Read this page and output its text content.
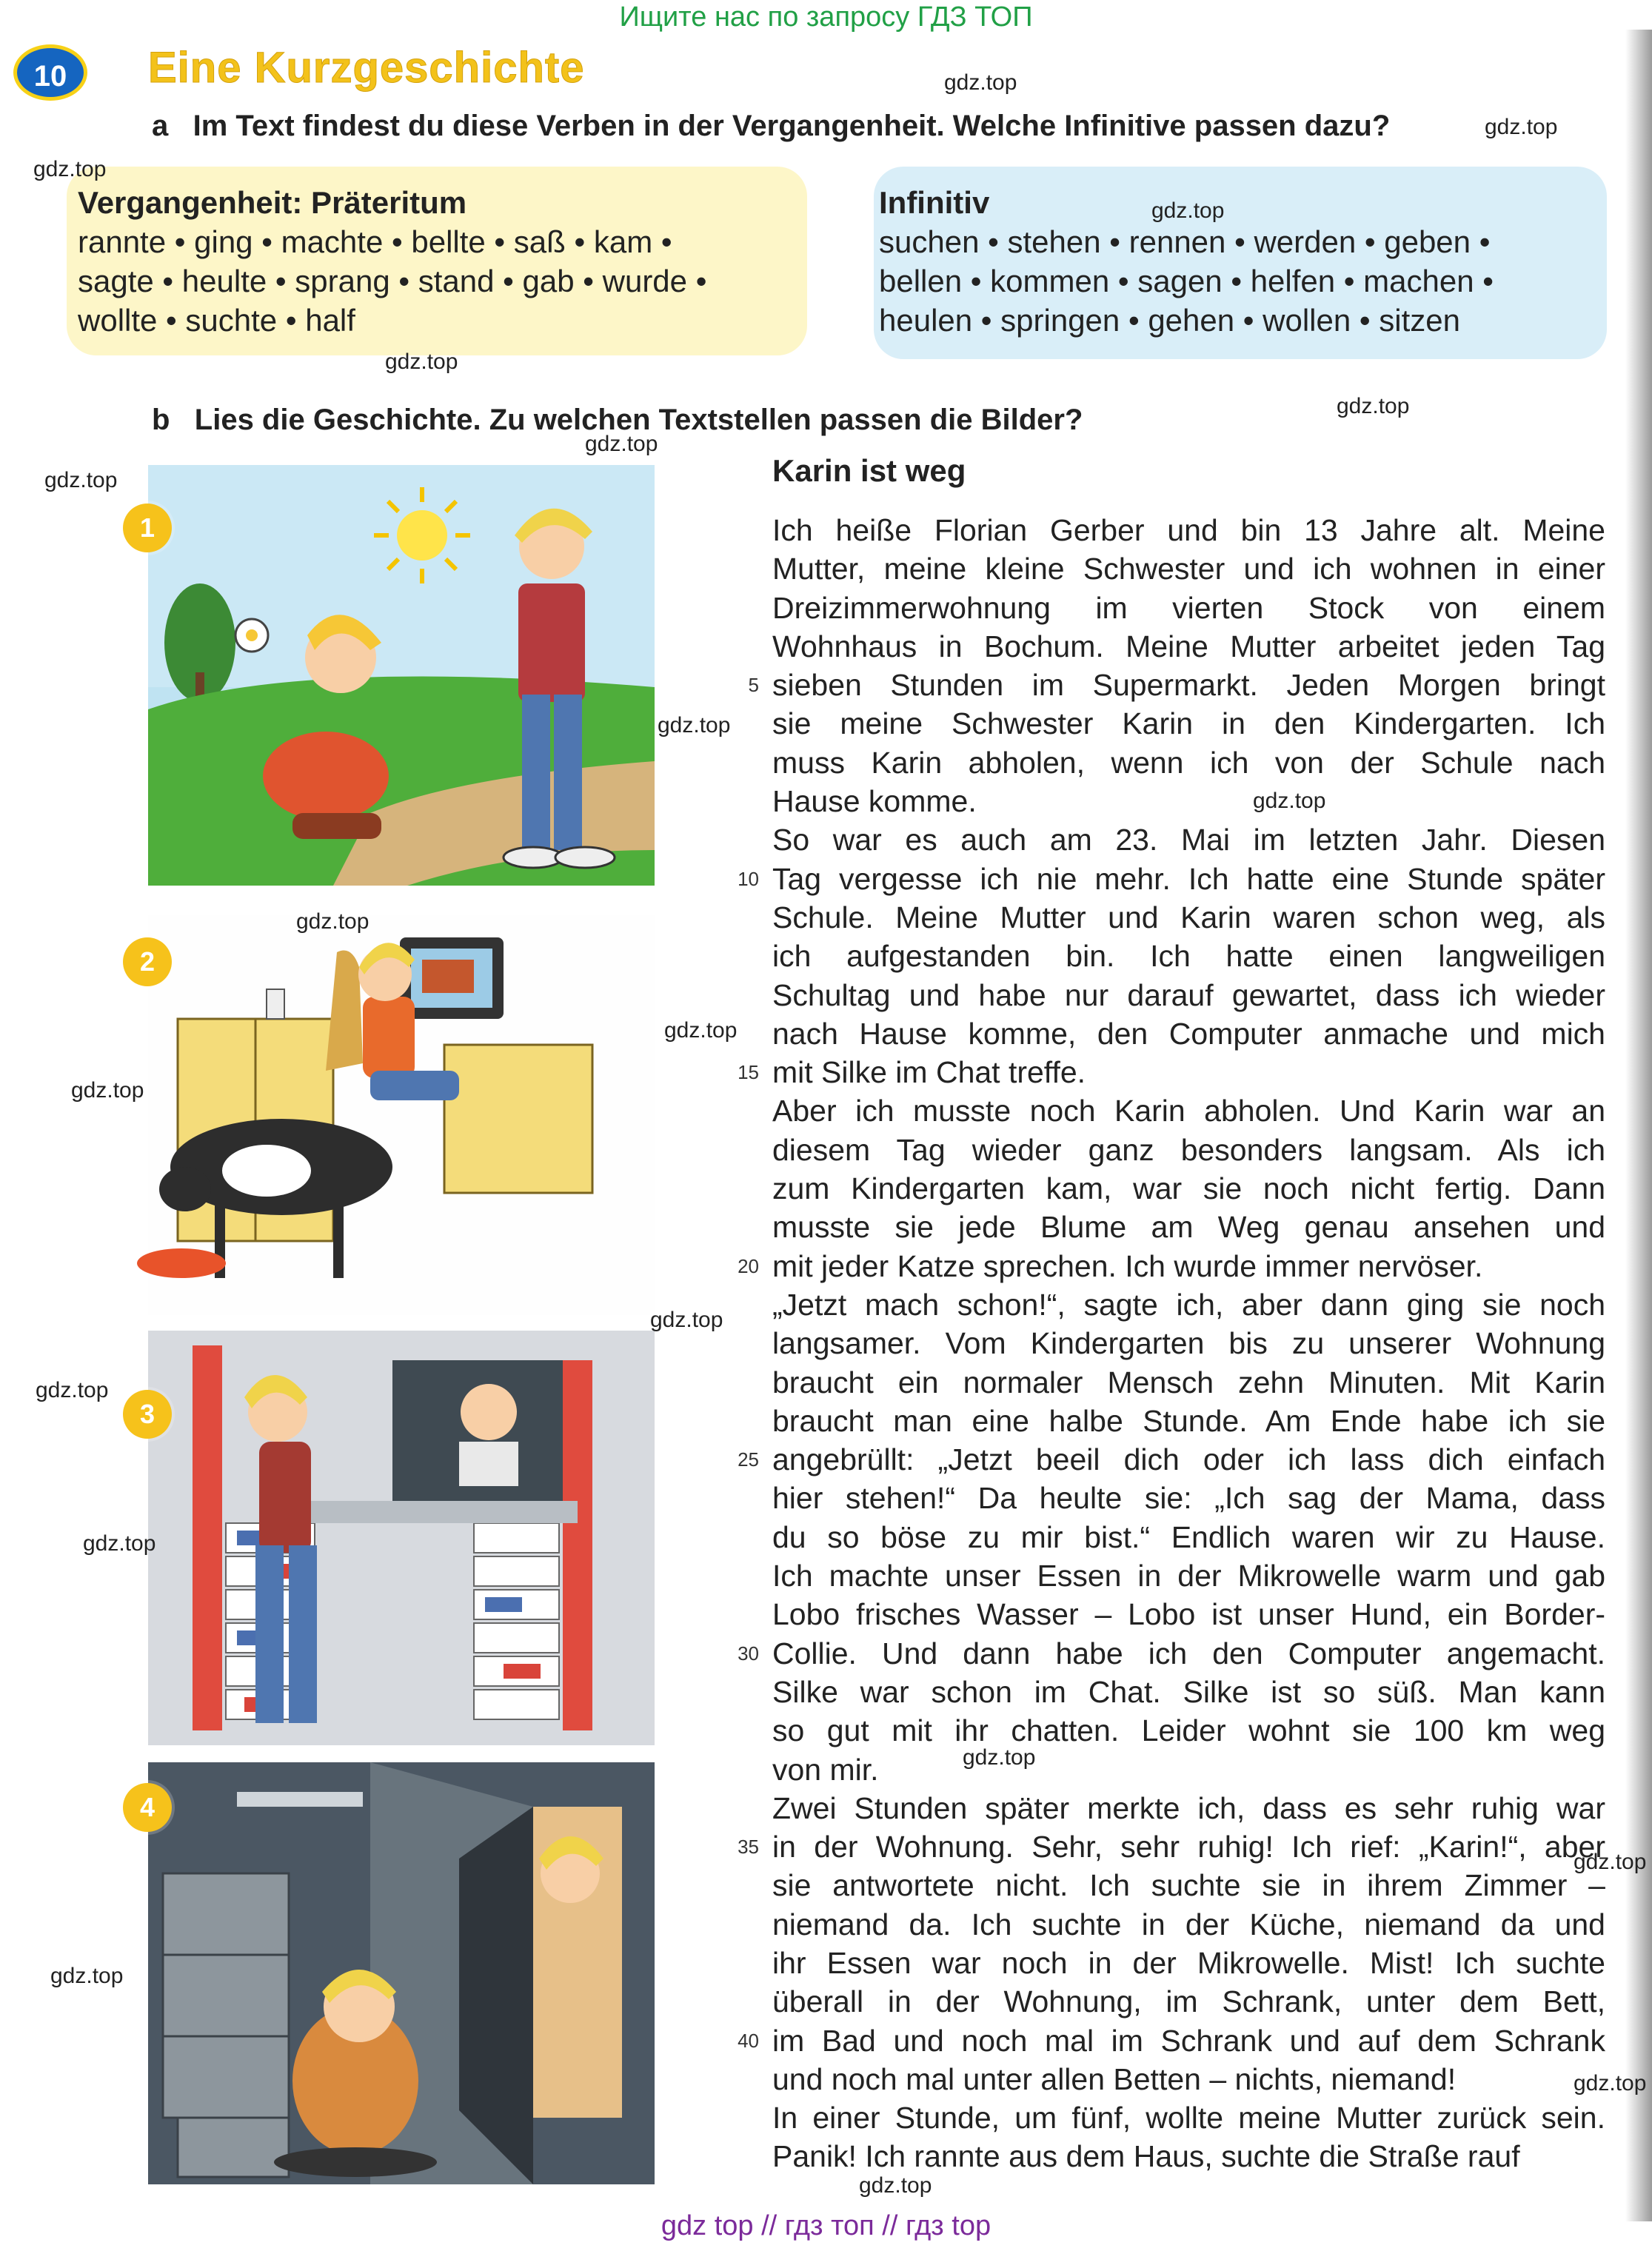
Ищите нас по запросу ГДЗ ТОП
10	Eine Kurzgeschichte
a Im Text findest du diese Verben in der Vergangenheit. Welche Infinitive passen dazu?
Vergangenheit: Präteritum
rannte • ging • machte • bellte • saß • kam •
sagte • heulte • sprang • stand • gab • wurde •
wollte • suchte • half
Infinitiv
suchen • stehen • rennen • werden • geben •
bellen • kommen • sagen • helfen • machen •
heulen • springen • gehen • wollen • sitzen
b Lies die Geschichte. Zu welchen Textstellen passen die Bilder?
1
2
3
4
Karin ist weg
Ich heiße Florian Gerber und bin 13 Jahre alt. Meine
Mutter, meine kleine Schwester und ich wohnen in einer
Dreizimmerwohnung im vierten Stock von einem
Wohnhaus in Bochum. Meine Mutter arbeitet jeden Tag
sieben Stunden im Supermarkt. Jeden Morgen bringt
sie meine Schwester Karin in den Kindergarten. Ich
muss Karin abholen, wenn ich von der Schule nach
Hause komme.
So war es auch am 23. Mai im letzten Jahr. Diesen
Tag vergesse ich nie mehr. Ich hatte eine Stunde später
Schule. Meine Mutter und Karin waren schon weg, als
ich aufgestanden bin. Ich hatte einen langweiligen
Schultag und habe nur darauf gewartet, dass ich wieder
nach Hause komme, den Computer anmache und mich
mit Silke im Chat treffe.
Aber ich musste noch Karin abholen. Und Karin war an
diesem Tag wieder ganz besonders langsam. Als ich
zum Kindergarten kam, war sie noch nicht fertig. Dann
musste sie jede Blume am Weg genau ansehen und
mit jeder Katze sprechen. Ich wurde immer nervöser.
„Jetzt mach schon!“, sagte ich, aber dann ging sie noch
langsamer. Vom Kindergarten bis zu unserer Wohnung
braucht ein normaler Mensch zehn Minuten. Mit Karin
braucht man eine halbe Stunde. Am Ende habe ich sie
angebrüllt: „Jetzt beeil dich oder ich lass dich einfach
hier stehen!“ Da heulte sie: „Ich sag der Mama, dass
du so böse zu mir bist.“ Endlich waren wir zu Hause.
Ich machte unser Essen in der Mikrowelle warm und gab
Lobo frisches Wasser – Lobo ist unser Hund, ein Border-
Collie. Und dann habe ich den Computer angemacht.
Silke war schon im Chat. Silke ist so süß. Man kann
so gut mit ihr chatten. Leider wohnt sie 100 km weg
von mir.
Zwei Stunden später merkte ich, dass es sehr ruhig war
in der Wohnung. Sehr, sehr ruhig! Ich rief: „Karin!“, aber
sie antwortete nicht. Ich suchte sie in ihrem Zimmer –
niemand da. Ich suchte in der Küche, niemand da und
ihr Essen war noch in der Mikrowelle. Mist! Ich suchte
überall in der Wohnung, im Schrank, unter dem Bett,
im Bad und noch mal im Schrank und auf dem Schrank
und noch mal unter allen Betten – nichts, niemand!
In einer Stunde, um fünf, wollte meine Mutter zurück sein.
Panik! Ich rannte aus dem Haus, suchte die Straße rauf
5
10
15
20
25
30
35
40
gdz.top
gdz.top
gdz.top
gdz.top
gdz.top
gdz.top
gdz.top
gdz.top
gdz.top
gdz.top
gdz.top
gdz.top
gdz.top
gdz.top
gdz.top
gdz.top
gdz.top
gdz.top
gdz.top
gdz.top
gdz.top
gdz top // гдз топ // гдз top
